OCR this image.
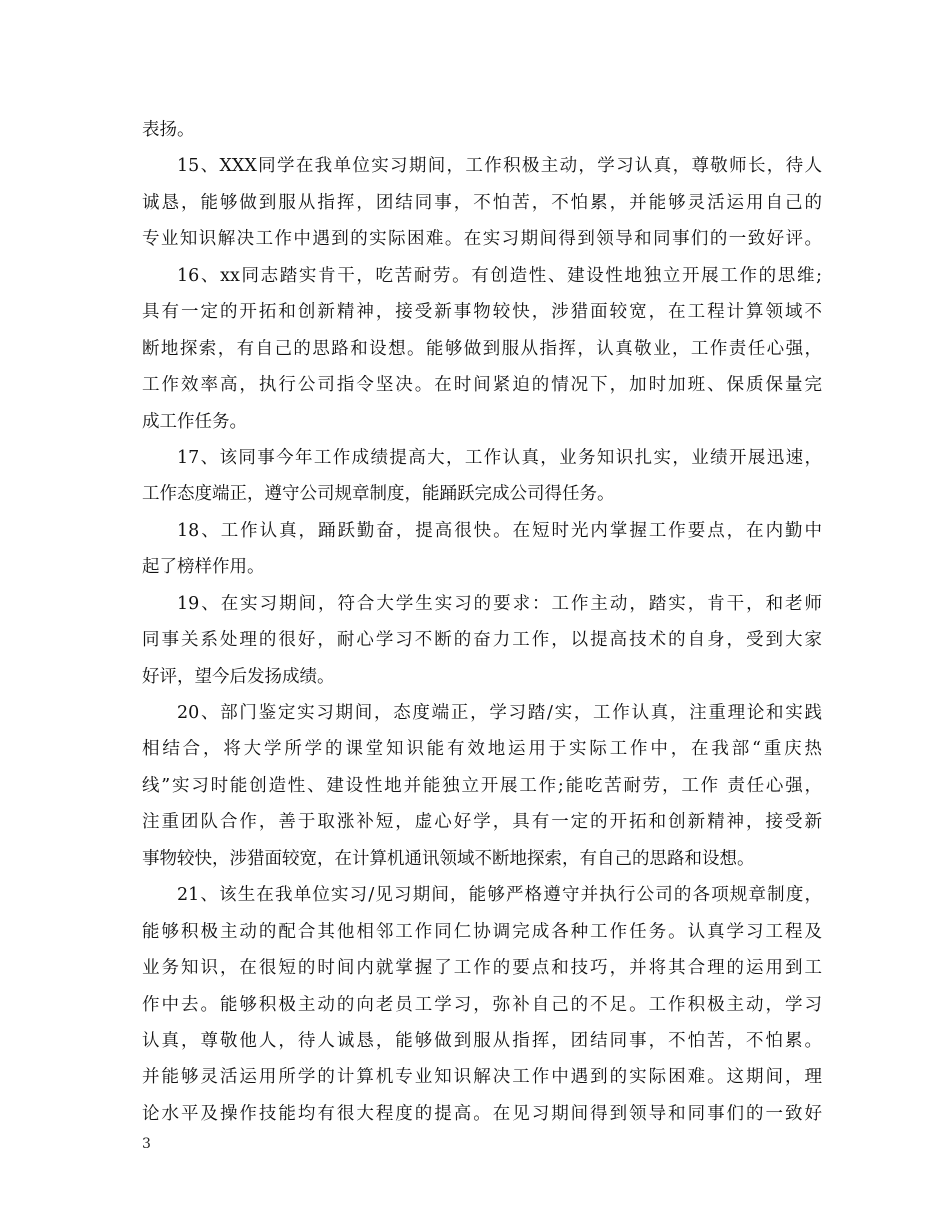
表扬。
15、XXX同学在我单位实习期间，工作积极主动，学习认真，尊敬师长，待人
诚恳，能够做到服从指挥，团结同事，不怕苦，不怕累，并能够灵活运用自己的
专业知识解决工作中遇到的实际困难。在实习期间得到领导和同事们的一致好评。
16、xx同志踏实肯干，吃苦耐劳。有创造性、建设性地独立开展工作的思维;
具有一定的开拓和创新精神，接受新事物较快，涉猎面较宽，在工程计算领域不
断地探索，有自己的思路和设想。能够做到服从指挥，认真敬业，工作责任心强，
工作效率高，执行公司指令坚决。在时间紧迫的情况下，加时加班、保质保量完
成工作任务。
17、该同事今年工作成绩提高大，工作认真，业务知识扎实，业绩开展迅速，
工作态度端正，遵守公司规章制度，能踊跃完成公司得任务。
18、工作认真，踊跃勤奋，提高很快。在短时光内掌握工作要点，在内勤中
起了榜样作用。
19、在实习期间，符合大学生实习的要求：工作主动，踏实，肯干，和老师
同事关系处理的很好，耐心学习不断的奋力工作，以提高技术的自身，受到大家
好评，望今后发扬成绩。
20、部门鉴定实习期间，态度端正，学习踏/实，工作认真，注重理论和实践
相结合，将大学所学的课堂知识能有效地运用于实际工作中，在我部“重庆热
线”实习时能创造性、建设性地并能独立开展工作;能吃苦耐劳，工作 责任心强，
注重团队合作，善于取涨补短，虚心好学，具有一定的开拓和创新精神，接受新
事物较快，涉猎面较宽，在计算机通讯领域不断地探索，有自己的思路和设想。
21、该生在我单位实习/见习期间，能够严格遵守并执行公司的各项规章制度，
能够积极主动的配合其他相邻工作同仁协调完成各种工作任务。认真学习工程及
业务知识，在很短的时间内就掌握了工作的要点和技巧，并将其合理的运用到工
作中去。能够积极主动的向老员工学习，弥补自己的不足。工作积极主动，学习
认真，尊敬他人，待人诚恳，能够做到服从指挥，团结同事，不怕苦，不怕累。
并能够灵活运用所学的计算机专业知识解决工作中遇到的实际困难。这期间，理
论水平及操作技能均有很大程度的提高。在见习期间得到领导和同事们的一致好
3
